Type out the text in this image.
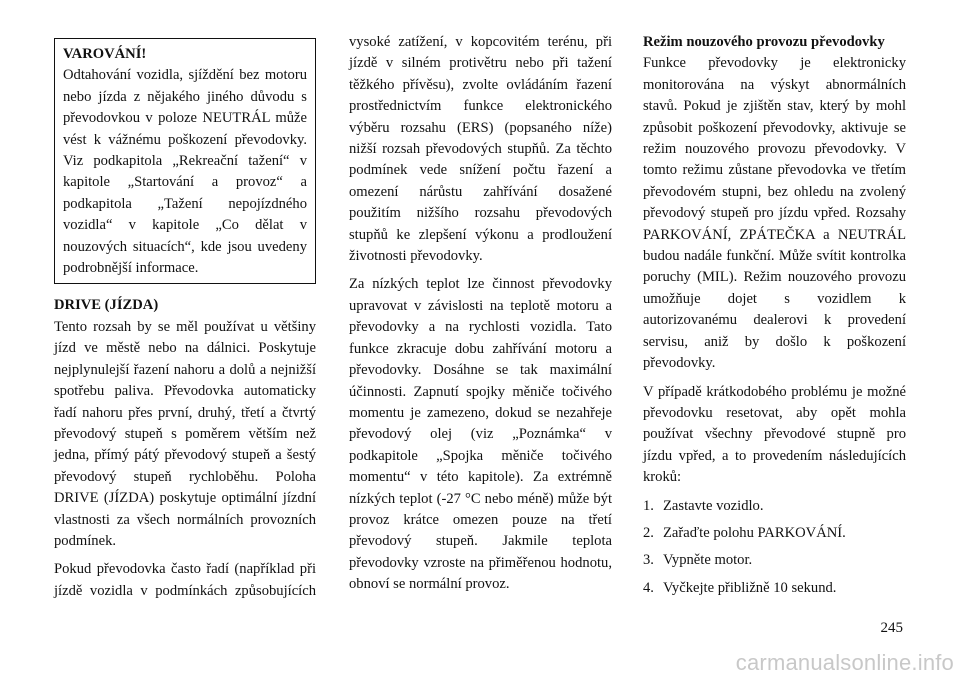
VAROVÁNÍ!
Odtahování vozidla, sjíždění bez motoru nebo jízda z nějakého jiného důvodu s převodovkou v poloze NEUTRÁL může vést k vážnému poškození převodovky. Viz podkapitola „Rekreační tažení“ v kapitole „Startování a provoz“ a podkapitola „Tažení nepojízdného vozidla“ v kapitole „Co dělat v nouzových situacích“, kde jsou uvedeny podrobnější informace.
DRIVE (JÍZDA)

Tento rozsah by se měl používat u většiny jízd ve městě nebo na dálnici. Poskytuje nejplynulejší řazení nahoru a dolů a nejnižší spotřebu paliva. Převodovka automaticky řadí nahoru přes první, druhý, třetí a čtvrtý převodový stupeň s poměrem větším než jedna, přímý pátý převodový stupeň a šestý převodový stupeň rychloběhu. Poloha DRIVE (JÍZDA) poskytuje optimální jízdní vlastnosti za všech normálních provozních podmínek.

Pokud převodovka často řadí (například při jízdě vozidla v podmínkách způsobujících

vysoké zatížení, v kopcovitém terénu, při jízdě v silném protivětru nebo při tažení těžkého přívěsu), zvolte ovládáním řazení prostřednictvím funkce elektronického výběru rozsahu (ERS) (popsaného níže) nižší rozsah převodových stupňů. Za těchto podmínek vede snížení počtu řazení a omezení nárůstu zahřívání dosažené použitím nižšího rozsahu převodových stupňů ke zlepšení výkonu a prodloužení životnosti převodovky.

Za nízkých teplot lze činnost převodovky upravovat v závislosti na teplotě motoru a převodovky a na rychlosti vozidla. Tato funkce zkracuje dobu zahřívání motoru a převodovky. Dosáhne se tak maximální účinnosti. Zapnutí spojky měniče točivého momentu je zamezeno, dokud se nezahřeje převodový olej (viz „Poznámka“ v podkapitole „Spojka měniče točivého momentu“ v této kapitole). Za extrémně nízkých teplot (-27 °C nebo méně) může být provoz krátce omezen pouze na třetí převodový stupeň. Jakmile teplota převodovky vzroste na přiměřenou hodnotu, obnoví se normální provoz.

Režim nouzového provozu převodovky

Funkce převodovky je elektronicky monitorována na výskyt abnormálních stavů. Pokud je zjištěn stav, který by mohl způsobit poškození převodovky, aktivuje se režim nouzového provozu převodovky. V tomto režimu zůstane převodovka ve třetím převodovém stupni, bez ohledu na zvolený převodový stupeň pro jízdu vpřed. Rozsahy PARKOVÁNÍ, ZPÁTEČKA a NEUTRÁL budou nadále funkční. Může svítit kontrolka poruchy (MIL). Režim nouzového provozu umožňuje dojet s vozidlem k autorizovanému dealerovi k provedení servisu, aniž by došlo k poškození převodovky.

V případě krátkodobého problému je možné převodovku resetovat, aby opět mohla používat všechny převodové stupně pro jízdu vpřed, a to provedením následujících kroků:

1. Zastavte vozidlo.
2. Zařaďte polohu PARKOVÁNÍ.
3. Vypněte motor.
4. Vyčkejte přibližně 10 sekund.
245
carmanualsonline.info
